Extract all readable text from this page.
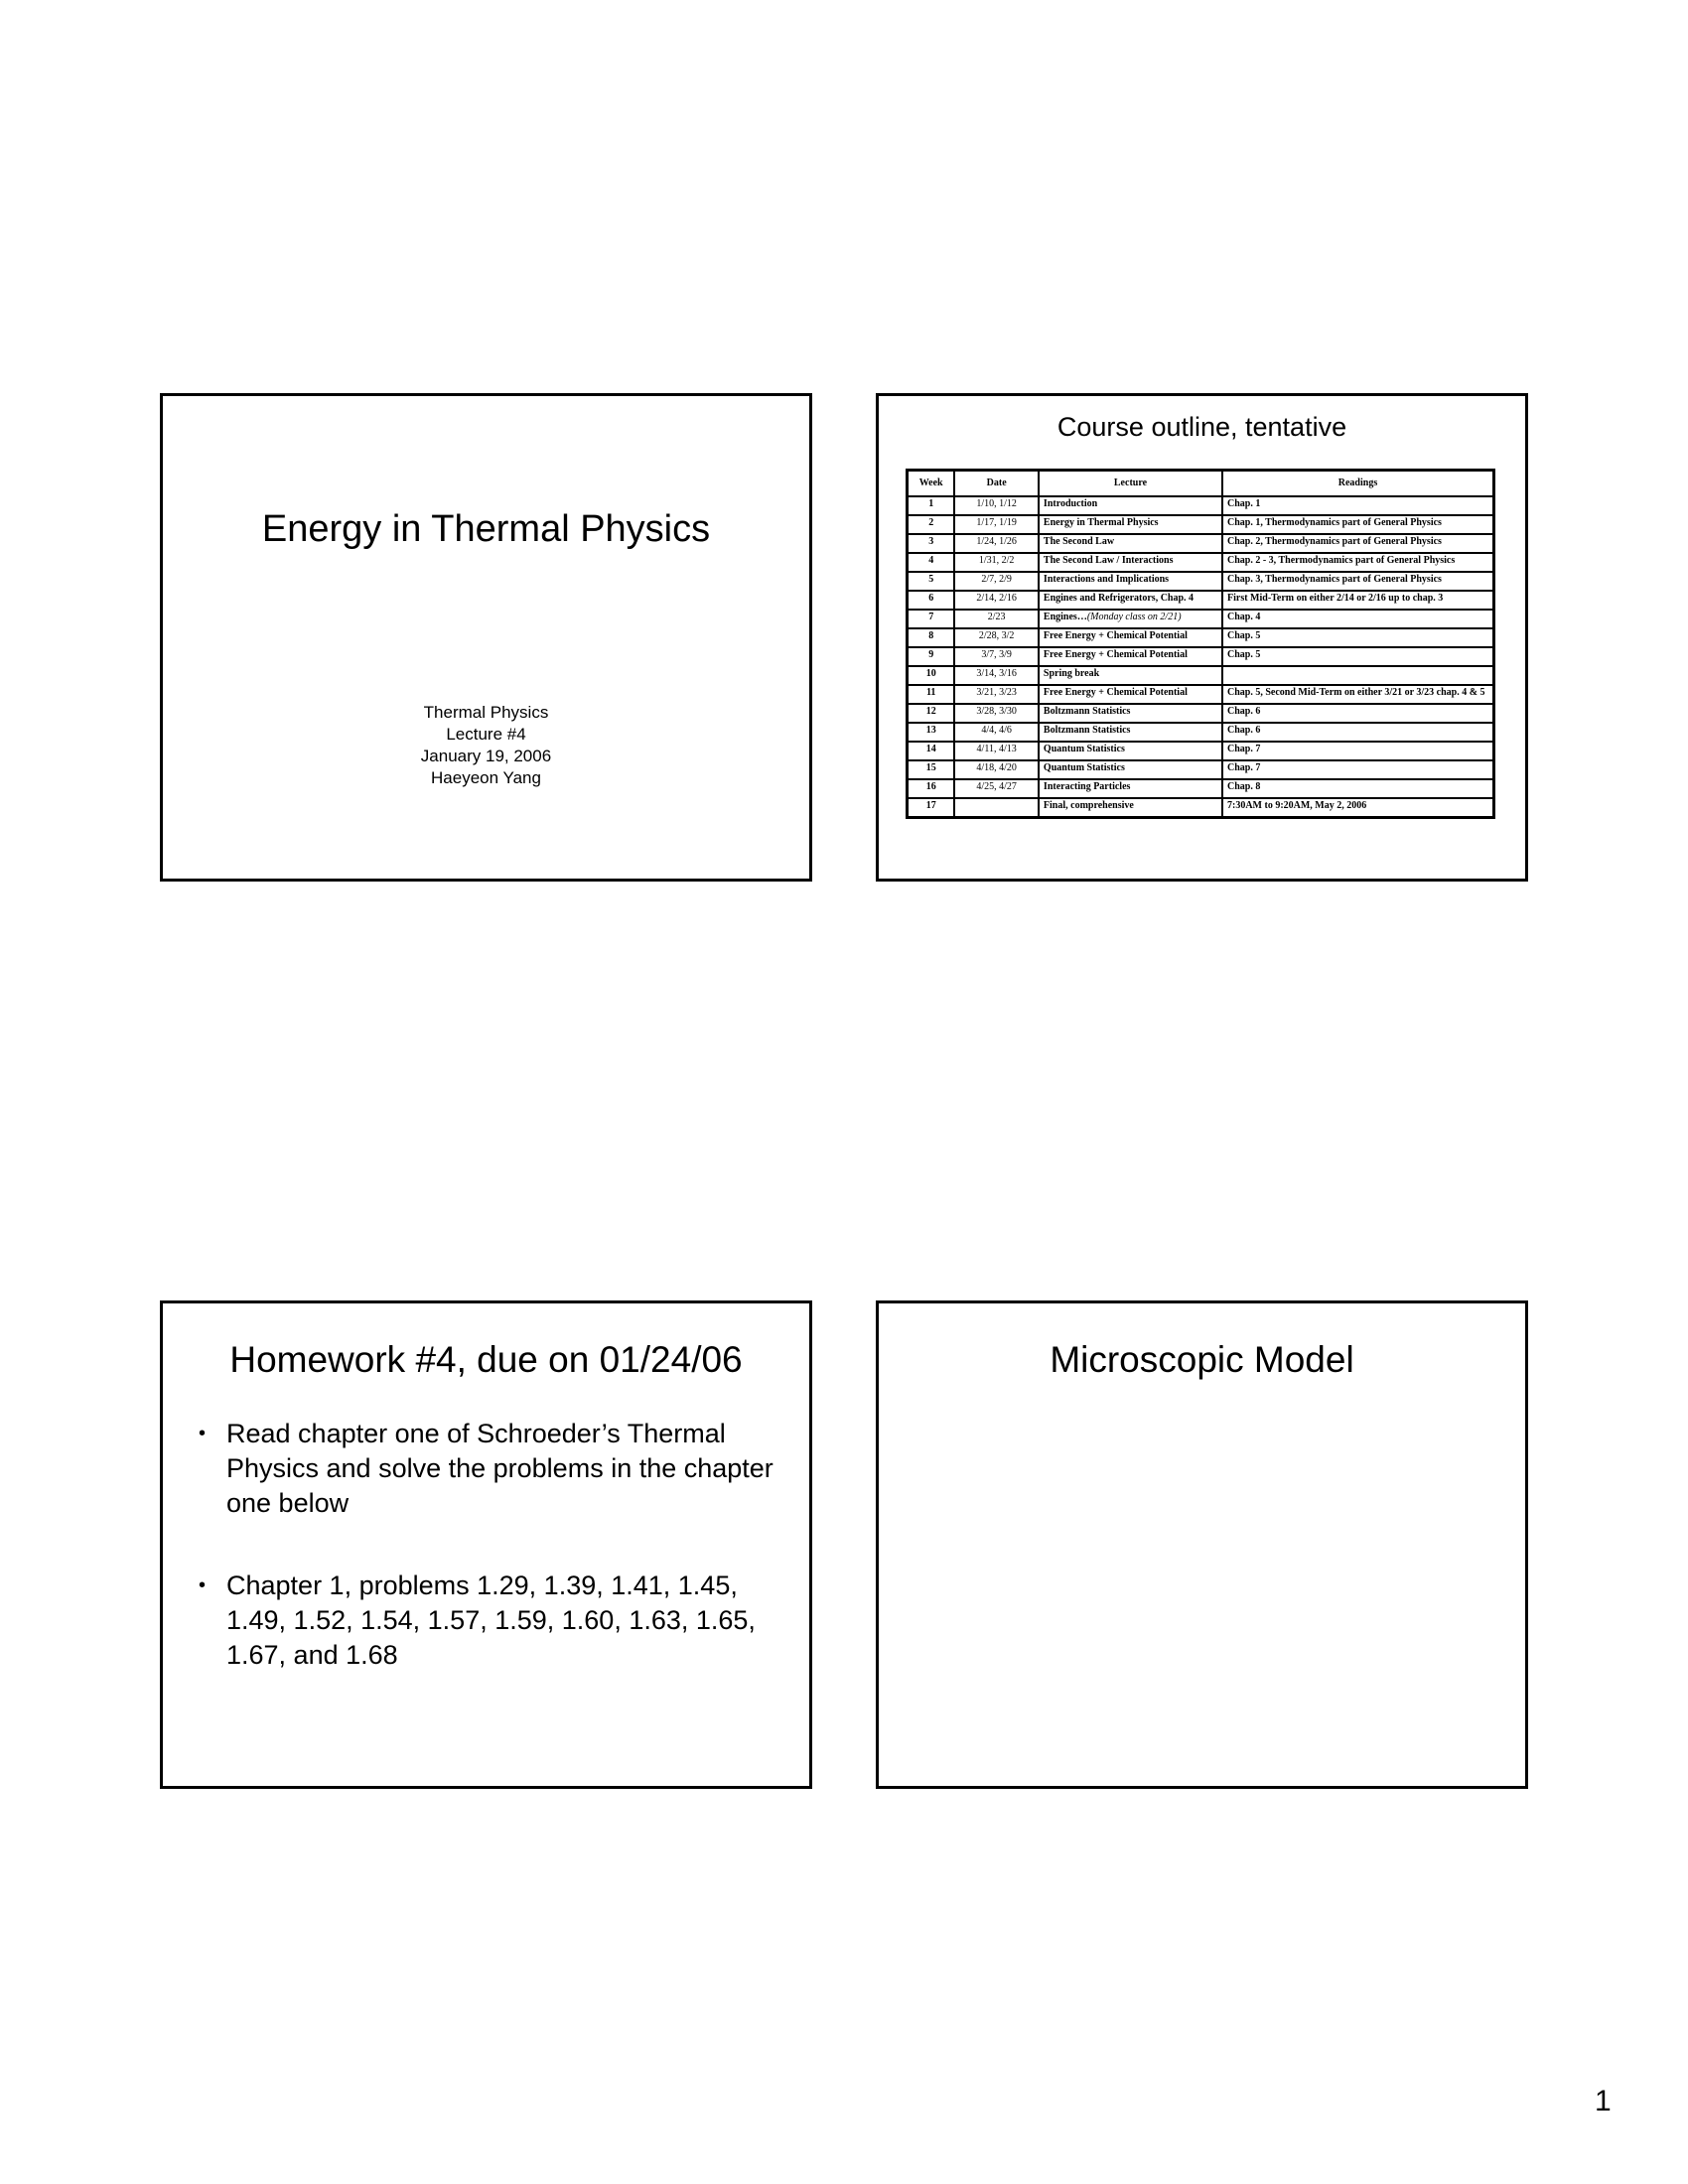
Energy in Thermal Physics
Thermal Physics
Lecture #4
January 19, 2006
Haeyeon Yang
Course outline, tentative
Week	Date	Lecture	Readings
1	1/10, 1/12	Introduction	Chap. 1
2	1/17, 1/19	Energy in Thermal Physics	Chap. 1, Thermodynamics part of General Physics
3	1/24, 1/26	The Second Law	Chap. 2, Thermodynamics part of General Physics
4	1/31, 2/2	The Second Law / Interactions	Chap. 2 - 3, Thermodynamics part of General Physics
5	2/7, 2/9	Interactions and Implications	Chap. 3, Thermodynamics part of General Physics
6	2/14, 2/16	Engines and Refrigerators, Chap. 4	First Mid-Term on either 2/14 or 2/16 up to chap. 3
7	2/23	Engines…(Monday class on 2/21)	Chap. 4
8	2/28, 3/2	Free Energy + Chemical Potential	Chap. 5
9	3/7, 3/9	Free Energy + Chemical Potential	Chap. 5
10	3/14, 3/16	Spring break	
11	3/21, 3/23	Free Energy + Chemical Potential	Chap. 5, Second Mid-Term on either 3/21 or 3/23 chap. 4 & 5
12	3/28, 3/30	Boltzmann Statistics	Chap. 6
13	4/4, 4/6	Boltzmann Statistics	Chap. 6
14	4/11, 4/13	Quantum Statistics	Chap. 7
15	4/18, 4/20	Quantum Statistics	Chap. 7
16	4/25, 4/27	Interacting Particles	Chap. 8
17		Final, comprehensive	7:30AM to 9:20AM, May 2, 2006
Homework #4, due on 01/24/06
• Read chapter one of Schroeder’s Thermal Physics and solve the problems in the chapter one below
• Chapter 1, problems 1.29, 1.39, 1.41, 1.45, 1.49, 1.52, 1.54, 1.57, 1.59, 1.60, 1.63, 1.65, 1.67, and 1.68
Microscopic Model
1
